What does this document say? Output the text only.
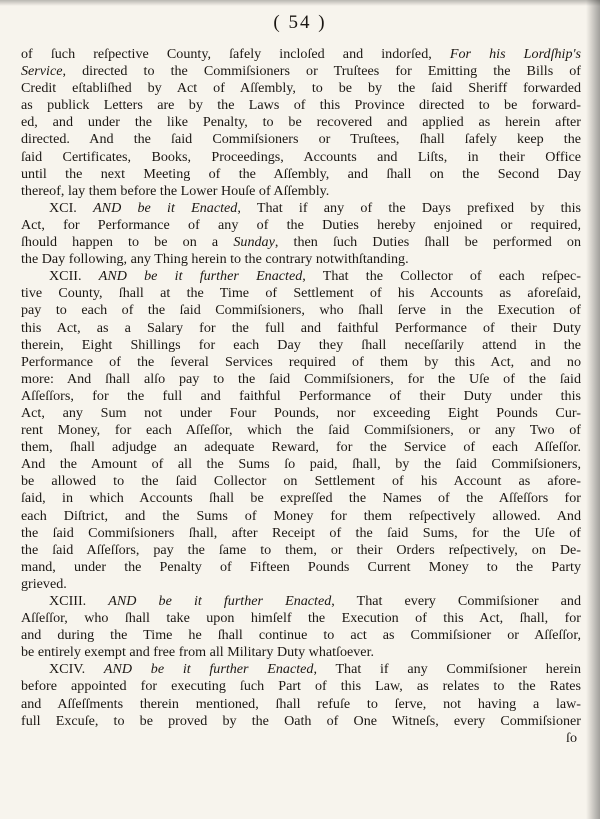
( 54 )
of ſuch reſpective County, ſafely incloſed and indorſed, For his Lordſhip's
Service, directed to the Commiſsioners or Truſtees for Emitting the Bills of
Credit eſtabliſhed by Act of Aſſembly, to be by the ſaid Sheriff forwarded
as publick Letters are by the Laws of this Province directed to be forward-
ed, and under the like Penalty, to be recovered and applied as herein after
directed. And the ſaid Commiſsioners or Truſtees, ſhall ſafely keep the
ſaid Certificates, Books, Proceedings, Accounts and Liſts, in their Office
until the next Meeting of the Aſſembly, and ſhall on the Second Day
thereof, lay them before the Lower Houſe of Aſſembly.
XCI. AND be it Enacted, That if any of the Days prefixed by this
Act, for Performance of any of the Duties hereby enjoined or required,
ſhould happen to be on a Sunday, then ſuch Duties ſhall be performed on
the Day following, any Thing herein to the contrary notwithſtanding.
XCII. AND be it further Enacted, That the Collector of each reſpec-
tive County, ſhall at the Time of Settlement of his Accounts as aforeſaid,
pay to each of the ſaid Commiſsioners, who ſhall ſerve in the Execution of
this Act, as a Salary for the full and faithful Performance of their Duty
therein, Eight Shillings for each Day they ſhall neceſſarily attend in the
Performance of the ſeveral Services required of them by this Act, and no
more: And ſhall alſo pay to the ſaid Commiſsioners, for the Uſe of the ſaid
Aſſeſſors, for the full and faithful Performance of their Duty under this
Act, any Sum not under Four Pounds, nor exceeding Eight Pounds Cur-
rent Money, for each Aſſeſſor, which the ſaid Commiſsioners, or any Two of
them, ſhall adjudge an adequate Reward, for the Service of each Aſſeſſor.
And the Amount of all the Sums ſo paid, ſhall, by the ſaid Commiſsioners,
be allowed to the ſaid Collector on Settlement of his Account as afore-
ſaid, in which Accounts ſhall be expreſſed the Names of the Aſſeſſors for
each Diſtrict, and the Sums of Money for them reſpectively allowed. And
the ſaid Commiſsioners ſhall, after Receipt of the ſaid Sums, for the Uſe of
the ſaid Aſſeſſors, pay the ſame to them, or their Orders reſpectively, on De-
mand, under the Penalty of Fifteen Pounds Current Money to the Party
grieved.
XCIII. AND be it further Enacted, That every Commiſsioner and
Aſſeſſor, who ſhall take upon himſelf the Execution of this Act, ſhall, for
and during the Time he ſhall continue to act as Commiſsioner or Aſſeſſor,
be entirely exempt and free from all Military Duty whatſoever.
XCIV. AND be it further Enacted, That if any Commiſsioner herein
before appointed for executing ſuch Part of this Law, as relates to the Rates
and Aſſeſſments therein mentioned, ſhall refuſe to ſerve, not having a law-
full Excuſe, to be proved by the Oath of One Witneſs, every Commiſsioner
ſo
